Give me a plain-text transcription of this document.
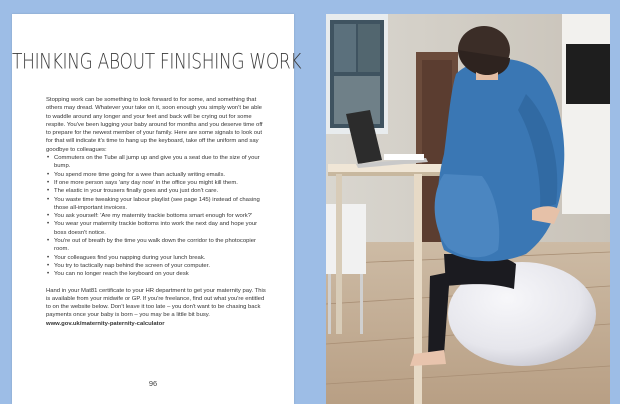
THINKING ABOUT FINISHING WORK

Stopping work can be something to look forward to for some, and something that others may dread. Whatever your take on it, soon enough you simply won't be able to waddle around any longer and your feet and back will be crying out for some respite. You've been lugging your baby around for months and you deserve time off to prepare for the newest member of your family. Here are some signals to look out for that will indicate it's time to hang up the keyboard, take off the uniform and say goodbye to colleagues:

• Commuters on the Tube all jump up and give you a seat due to the size of your bump.
• You spend more time going for a wee than actually writing emails.
• If one more person says 'any day now' in the office you might kill them.
• The elastic in your trousers finally goes and you just don't care.
• You waste time tweaking your labour playlist (see page 145) instead of chasing those all-important invoices.
• You ask yourself: 'Are my maternity trackie bottoms smart enough for work?'
• You wear your maternity trackie bottoms into work the next day and hope your boss doesn't notice.
• You're out of breath by the time you walk down the corridor to the photocopier room.
• Your colleagues find you napping during your lunch break.
• You try to tactically nap behind the screen of your computer.
• You can no longer reach the keyboard on your desk

Hand in your Mat81 certificate to your HR department to get your maternity pay. This is available from your midwife or GP. If you're freelance, find out what you're entitled to on the website below. Don't leave it too late – you don't want to be chasing back payments once your baby is born – you may be a little bit busy. www.gov.uk/maternity-paternity-calculator

96
